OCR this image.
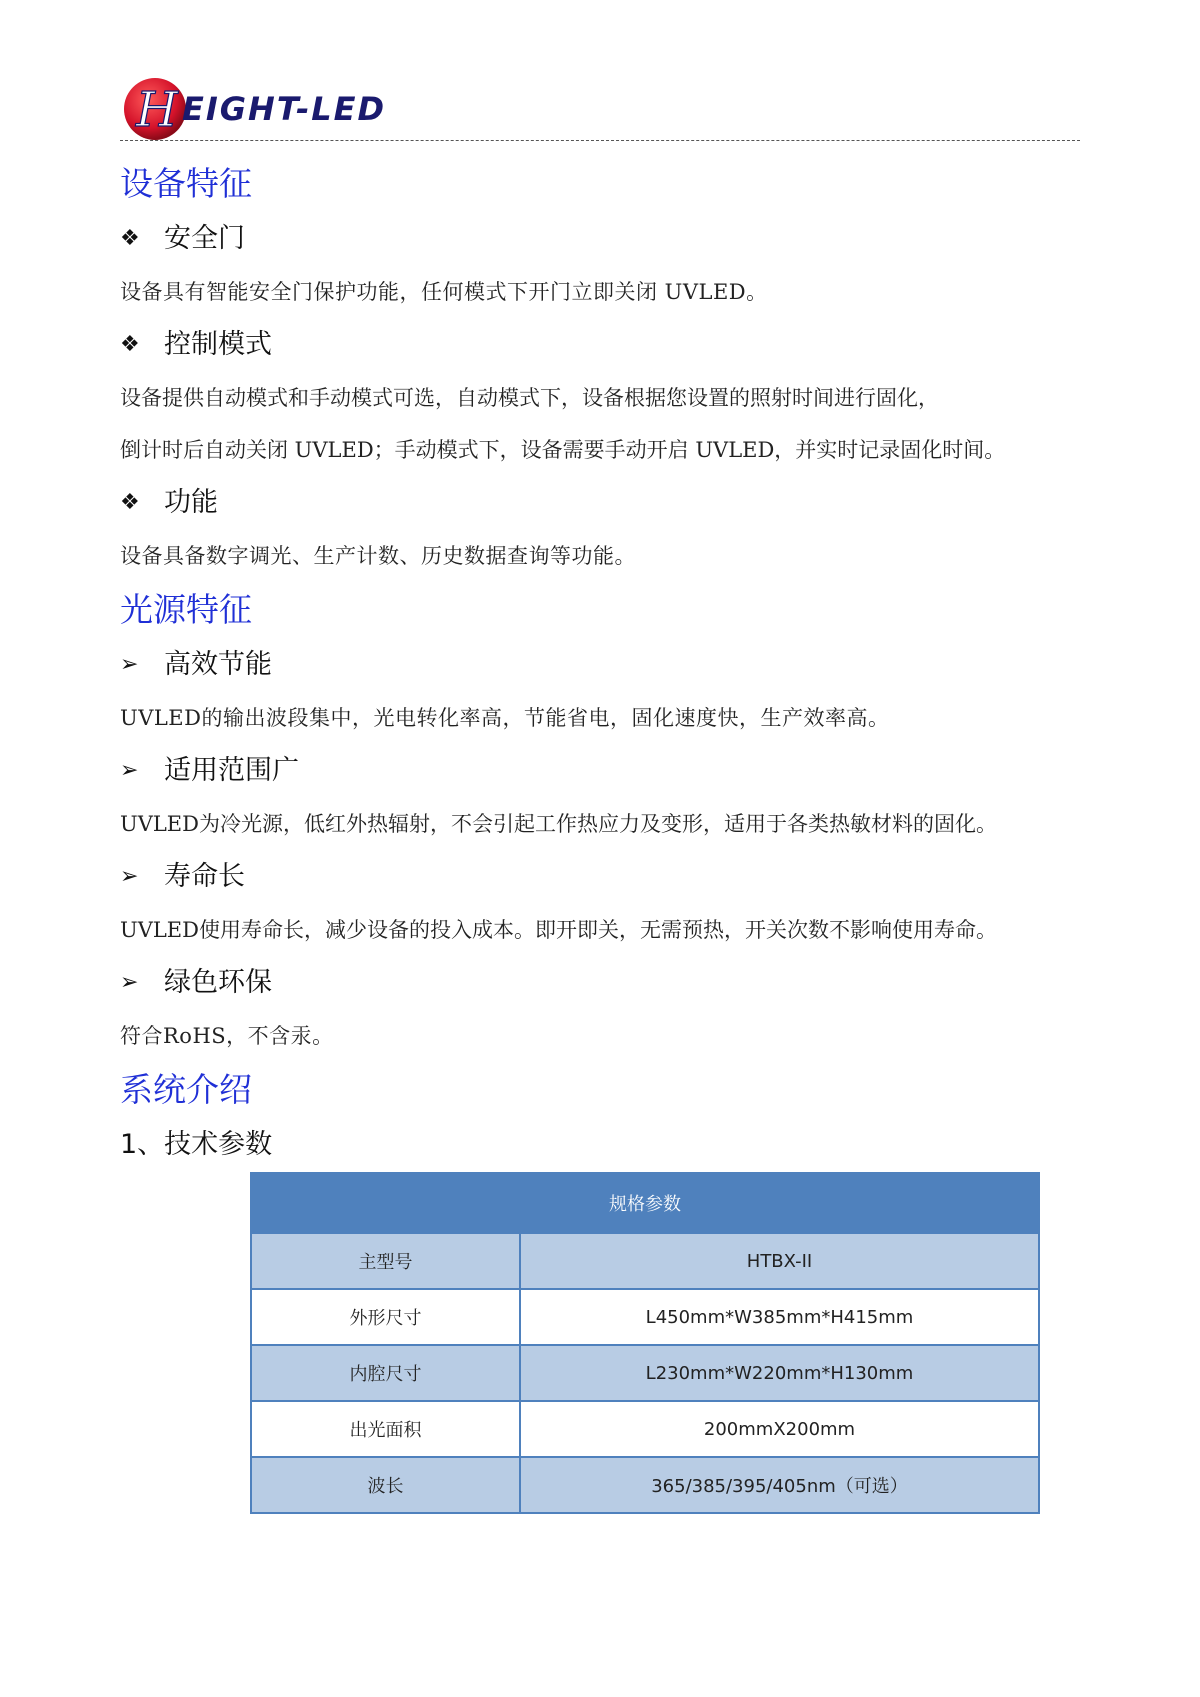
H EIGHT-LED
设备特征
❖ 安全门

设备具有智能安全门保护功能，任何模式下开门立即关闭 UVLED。

❖ 控制模式

设备提供自动模式和手动模式可选，自动模式下，设备根据您设置的照射时间进行固化，

倒计时后自动关闭 UVLED；手动模式下，设备需要手动开启 UVLED，并实时记录固化时间。

❖ 功能

设备具备数字调光、生产计数、历史数据查询等功能。

光源特征
➢ 高效节能

UVLED的输出波段集中，光电转化率高，节能省电，固化速度快，生产效率高。

➢ 适用范围广

UVLED为冷光源，低红外热辐射，不会引起工作热应力及变形，适用于各类热敏材料的固化。

➢ 寿命长

UVLED使用寿命长，减少设备的投入成本。即开即关，无需预热，开关次数不影响使用寿命。

➢ 绿色环保

符合RoHS，不含汞。

系统介绍
1、技术参数
规格参数	
主型号	HTBX-II
外形尺寸	L450mm*W385mm*H415mm
内腔尺寸	L230mm*W220mm*H130mm
出光面积	200mmX200mm
波长	365/385/395/405nm（可选）
